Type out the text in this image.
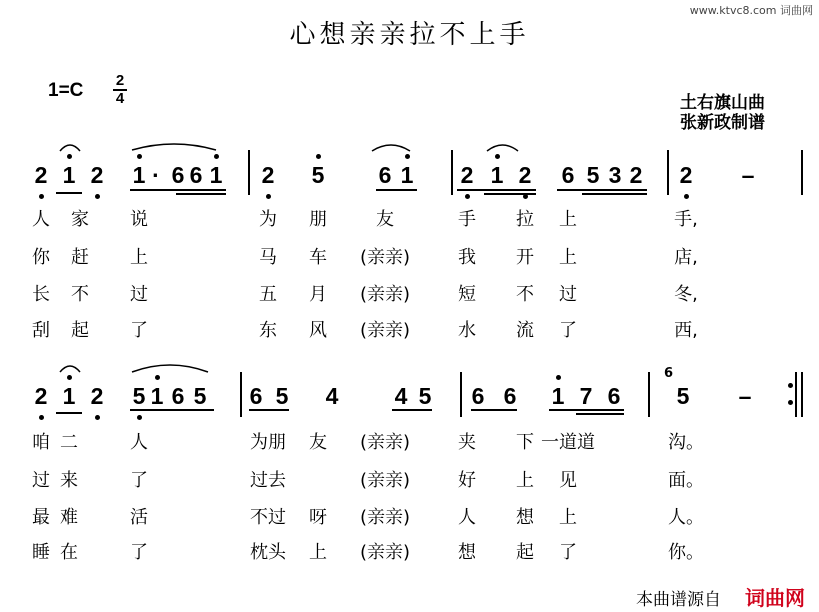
www.ktvc8.com 词曲网
心想亲亲拉不上手
1=C 2
4	土右旗山曲
张新政制谱
2 1 2 1 · 6 6 1 2 5 6 1 2 1 2 6 5 3 2 2 –
人 家 说	为 朋	友	手 拉 上	手,
你 赶 上	马 车 (亲亲)	我 开 上	店,
长 不 过	五 月 (亲亲)	短 不 过	冬,
刮 起 了	东 风 (亲亲)	水 流 了	西,
2 1 2 5 1 6 5 6 5 4 4 5 6 6 1 7 6 5 –
咱 二	人	为朋 友 (亲亲)	夹 下 一道道	沟。
过 来	了	过去	(亲亲)	好 上 见	面。
最 难	活	不过 呀 (亲亲)	人 想 上	人。
睡 在	了	枕头 上 (亲亲)	想 起 了	你。
6
本曲谱源自 词曲网
